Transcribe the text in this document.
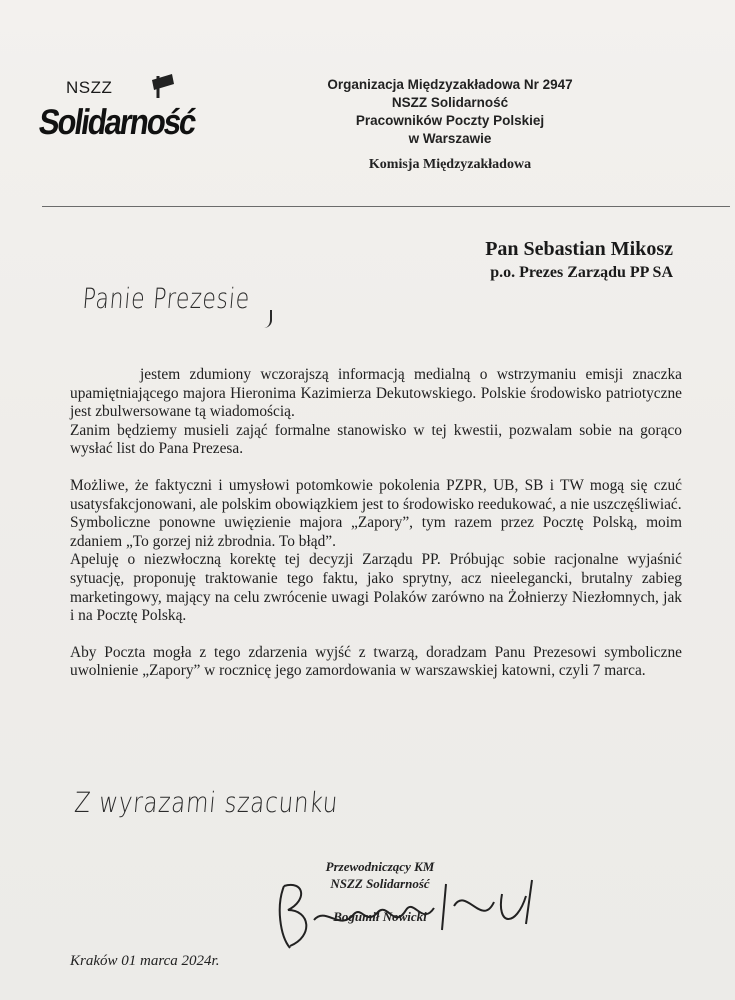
NSZZ
Solidarność
Organizacja Międzyzakładowa Nr 2947
NSZZ Solidarność
Pracowników Poczty Polskiej
w Warszawie
Komisja Międzyzakładowa
Pan Sebastian Mikosz
p.o. Prezes Zarządu PP SA
Panie Prezesie

jestem zdumiony wczorajszą informacją medialną o wstrzymaniu emisji znaczka upamiętniającego majora Hieronima Kazimierza Dekutowskiego. Polskie środowisko patriotyczne jest zbulwersowane tą wiadomością.

Zanim będziemy musieli zająć formalne stanowisko w tej kwestii, pozwalam sobie na gorąco wysłać list do Pana Prezesa.

Możliwe, że faktyczni i umysłowi potomkowie pokolenia PZPR, UB, SB i TW mogą się czuć usatysfakcjonowani, ale polskim obowiązkiem jest to środowisko reedukować, a nie uszczęśliwiać.

Symboliczne ponowne uwięzienie majora „Zapory”, tym razem przez Pocztę Polską, moim zdaniem „To gorzej niż zbrodnia. To błąd”.

Apeluję o niezwłoczną korektę tej decyzji Zarządu PP. Próbując sobie racjonalne wyjaśnić sytuację, proponuję traktowanie tego faktu, jako sprytny, acz nieelegancki, brutalny zabieg marketingowy, mający na celu zwrócenie uwagi Polaków zarówno na Żołnierzy Niezłomnych, jak i na Pocztę Polską.

Aby Poczta mogła z tego zdarzenia wyjść z twarzą, doradzam Panu Prezesowi symboliczne uwolnienie „Zapory” w rocznicę jego zamordowania w warszawskiej katowni, czyli 7 marca.

Z wyrazami szacunku
Przewodniczący KM
NSZZ Solidarność
Bogumił Nowicki
Kraków 01 marca 2024r.
